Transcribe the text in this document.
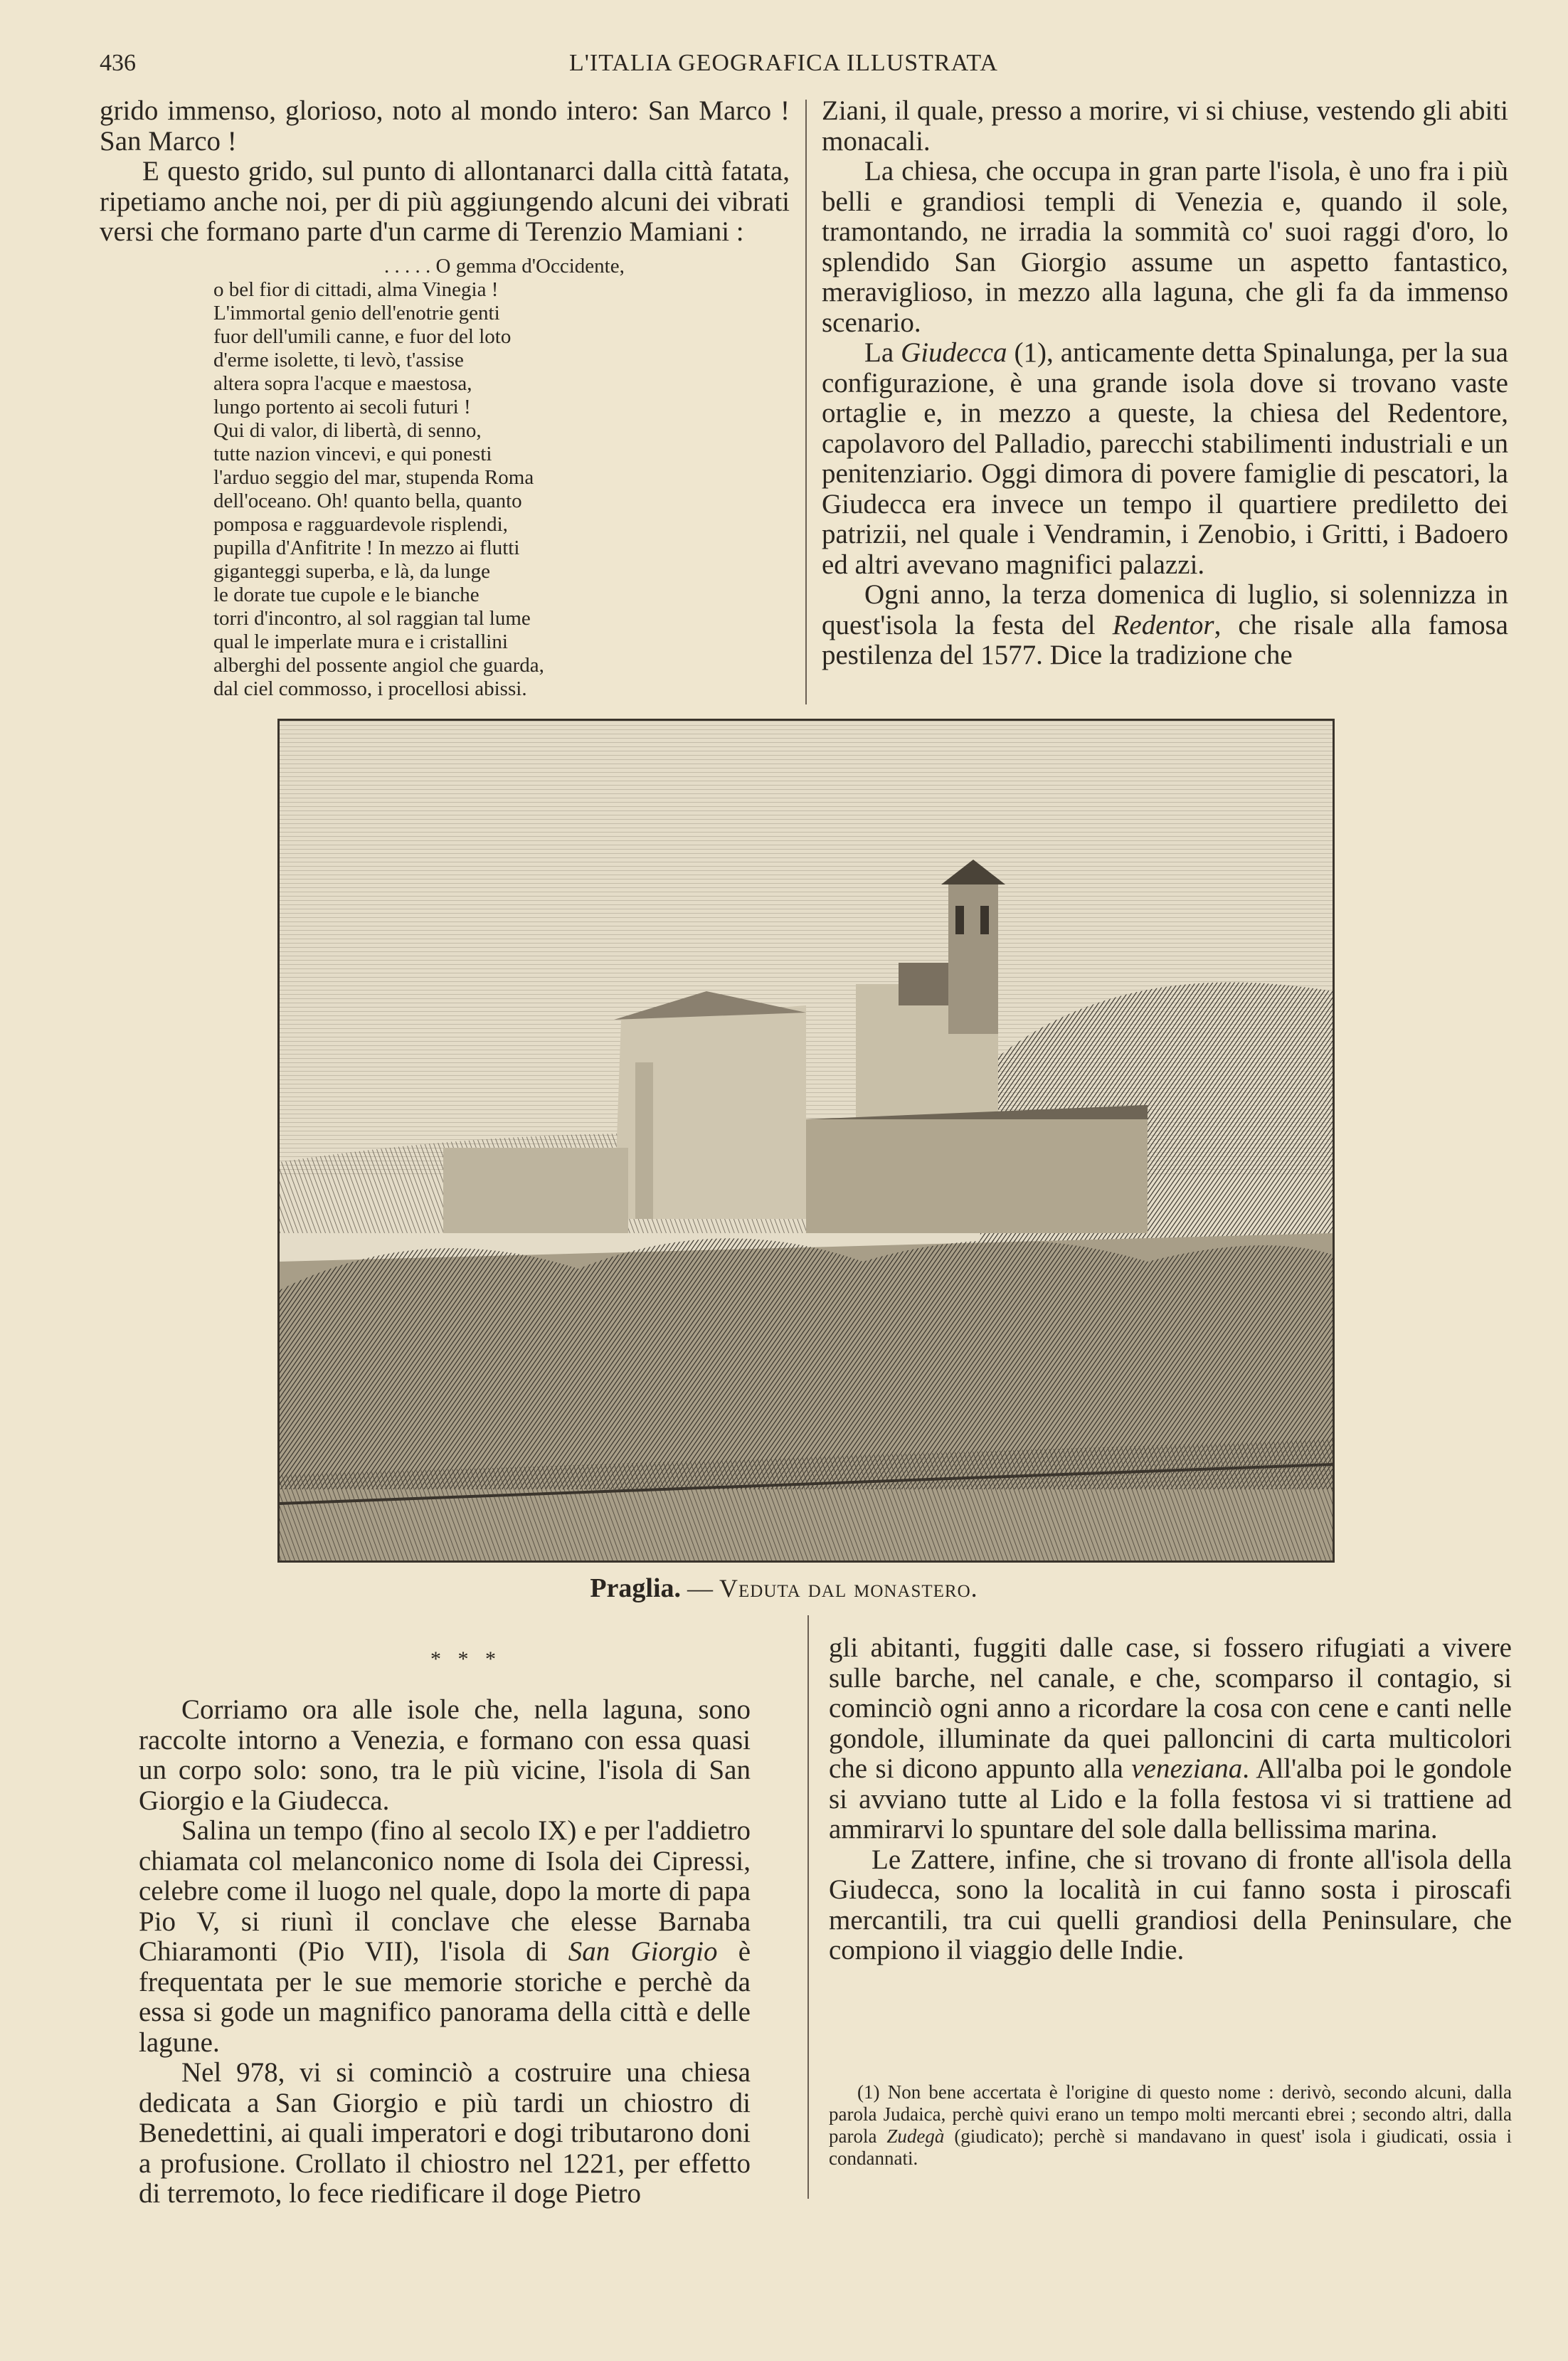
436	L'ITALIA GEOGRAFICA ILLUSTRATA

grido immenso, glorioso, noto al mondo intero: San Marco ! San Marco !

E questo grido, sul punto di allontanarci dalla città fatata, ripetiamo anche noi, per di più aggiungendo alcuni dei vibrati versi che formano parte d'un carme di Terenzio Mamiani :

. . . . . O gemma d'Occidente,
o bel fior di cittadi, alma Vinegia !
L'immortal genio dell'enotrie genti
fuor dell'umili canne, e fuor del loto
d'erme isolette, ti levò, t'assise
altera sopra l'acque e maestosa,
lungo portento ai secoli futuri !
Qui di valor, di libertà, di senno,
tutte nazion vincevi, e qui ponesti
l'arduo seggio del mar, stupenda Roma
dell'oceano. Oh! quanto bella, quanto
pomposa e ragguardevole risplendi,
pupilla d'Anfitrite ! In mezzo ai flutti
giganteggi superba, e là, da lunge
le dorate tue cupole e le bianche
torri d'incontro, al sol raggian tal lume
qual le imperlate mura e i cristallini
alberghi del possente angiol che guarda,
dal ciel commosso, i procellosi abissi.

Ziani, il quale, presso a morire, vi si chiuse, vestendo gli abiti monacali.

La chiesa, che occupa in gran parte l'isola, è uno fra i più belli e grandiosi templi di Venezia e, quando il sole, tramontando, ne irradia la sommità co' suoi raggi d'oro, lo splendido San Giorgio assume un aspetto fantastico, meraviglioso, in mezzo alla laguna, che gli fa da immenso scenario.

La Giudecca (1), anticamente detta Spinalunga, per la sua configurazione, è una grande isola dove si trovano vaste ortaglie e, in mezzo a queste, la chiesa del Redentore, capolavoro del Palladio, parecchi stabilimenti industriali e un penitenziario. Oggi dimora di povere famiglie di pescatori, la Giudecca era invece un tempo il quartiere prediletto dei patrizii, nel quale i Vendramin, i Zenobio, i Gritti, i Badoero ed altri avevano magnifici palazzi.

Ogni anno, la terza domenica di luglio, si solennizza in quest'isola la festa del Redentor, che risale alla famosa pestilenza del 1577. Dice la tradizione che

Praglia. — Veduta dal monastero.
* * *

Corriamo ora alle isole che, nella laguna, sono raccolte intorno a Venezia, e formano con essa quasi un corpo solo: sono, tra le più vicine, l'isola di San Giorgio e la Giudecca.

Salina un tempo (fino al secolo IX) e per l'addietro chiamata col melanconico nome di Isola dei Cipressi, celebre come il luogo nel quale, dopo la morte di papa Pio V, si riunì il conclave che elesse Barnaba Chiaramonti (Pio VII), l'isola di San Giorgio è frequentata per le sue memorie storiche e perchè da essa si gode un magnifico panorama della città e delle lagune.

Nel 978, vi si cominciò a costruire una chiesa dedicata a San Giorgio e più tardi un chiostro di Benedettini, ai quali imperatori e dogi tributarono doni a profusione. Crollato il chiostro nel 1221, per effetto di terremoto, lo fece riedificare il doge Pietro

gli abitanti, fuggiti dalle case, si fossero rifugiati a vivere sulle barche, nel canale, e che, scomparso il contagio, si cominciò ogni anno a ricordare la cosa con cene e canti nelle gondole, illuminate da quei palloncini di carta multicolori che si dicono appunto alla veneziana. All'alba poi le gondole si avviano tutte al Lido e la folla festosa vi si trattiene ad ammirarvi lo spuntare del sole dalla bellissima marina.

Le Zattere, infine, che si trovano di fronte all'isola della Giudecca, sono la località in cui fanno sosta i piroscafi mercantili, tra cui quelli grandiosi della Peninsulare, che compiono il viaggio delle Indie.

(1) Non bene accertata è l'origine di questo nome : derivò, secondo alcuni, dalla parola Judaica, perchè quivi erano un tempo molti mercanti ebrei ; secondo altri, dalla parola Zudegà (giudicato); perchè si mandavano in quest' isola i giudicati, ossia i condannati.
